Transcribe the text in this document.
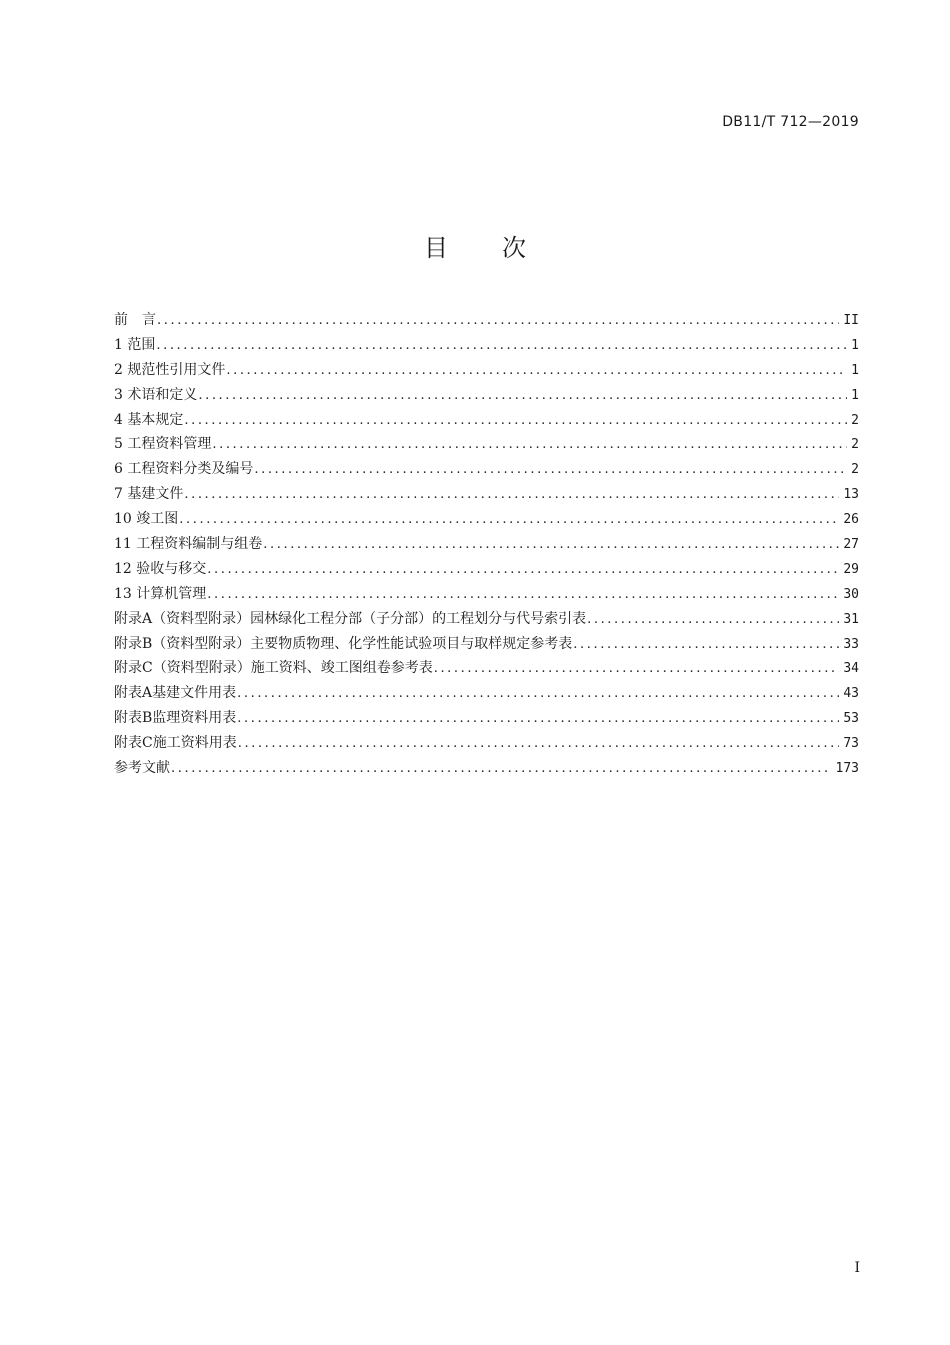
DB11/T 712—2019
目次
前　言 .....	II
1 范围 .....	1
2 规范性引用文件 .....	1
3 术语和定义 .....	1
4 基本规定 .....	2
5 工程资料管理 .....	2
6 工程资料分类及编号 .....	2
7 基建文件 .....	13
10 竣工图 .....	26
11 工程资料编制与组卷 .....	27
12 验收与移交 .....	29
13 计算机管理 .....	30
附录A（资料型附录）园林绿化工程分部（子分部）的工程划分与代号索引表 .....	31
附录B（资料型附录）主要物质物理、化学性能试验项目与取样规定参考表 .....	33
附录C（资料型附录）施工资料、竣工图组卷参考表 .....	34
附表A基建文件用表 .....	43
附表B监理资料用表 .....	53
附表C施工资料用表 .....	73
参考文献 .....	173
I
